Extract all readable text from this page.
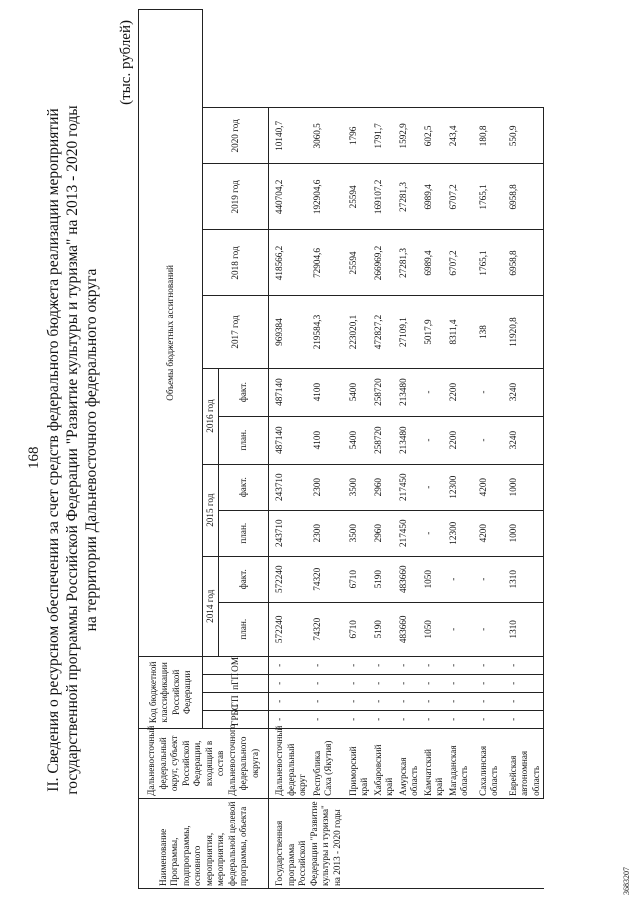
168 II. Сведения о ресурсном обеспечении за счет средств федерального бюджета реализации мероприятий государственной программы Российской Федерации "Развитие культуры и туризма" на 2013 - 2020 годы на территории Дальневосточного федерального округа
(тыс. рублей)
Наименование Программы, подпрограммы, основного мероприятия, мероприятия, федеральной целевой программы, объекта	Дальневосточный федеральный округ, субъект Российской Федерации, входящий в состав Дальневосточного федерального округа)	Код бюджетной классификации Российской Федерации				Объемы бюджетных ассигнований									
		ГРБС	ГП	пГП	ОМ	2014 год		2015 год		2016 год		2017 год	2018 год	2019 год	2020 год
						план.	факт.	план.	факт.	план.	факт.				
Государственная программа Российской Федерации "Развитие культуры и туризма" на 2013 - 2020 годы	Дальневосточный федеральный округ	-	-	-	-	572240	572240	243710	243710	487140	487140	969384	418566,2	440704,2	10140,7
	Республика Саха (Якутия)	-	-	-	-	74320	74320	2300	2300	4100	4100	219584,3	72904,6	192904,6	3060,5
	Приморский край	-	-	-	-	6710	6710	3500	3500	5400	5400	223020,1	25594	25594	1796
	Хабаровский край	-	-	-	-	5190	5190	2960	2960	258720	258720	472827,2	266969,2	169107,2	1791,7
	Амурская область	-	-	-	-	483660	483660	217450	217450	213480	213480	27109,1	27281,3	27281,3	1592,9
	Камчатский край	-	-	-	-	1050	1050	-	-	-	-	5017,9	6989,4	6989,4	602,5
	Магаданская область	-	-	-	-	-	-	12300	12300	2200	2200	8311,4	6707,2	6707,2	243,4
	Сахалинская область	-	-	-	-	-	-	4200	4200	-	-	138	1765,1	1765,1	180,8
	Еврейская автономная область	-	-	-	-	1310	1310	1000	1000	3240	3240	11920,8	6958,8	6958,8	550,9
3683207
